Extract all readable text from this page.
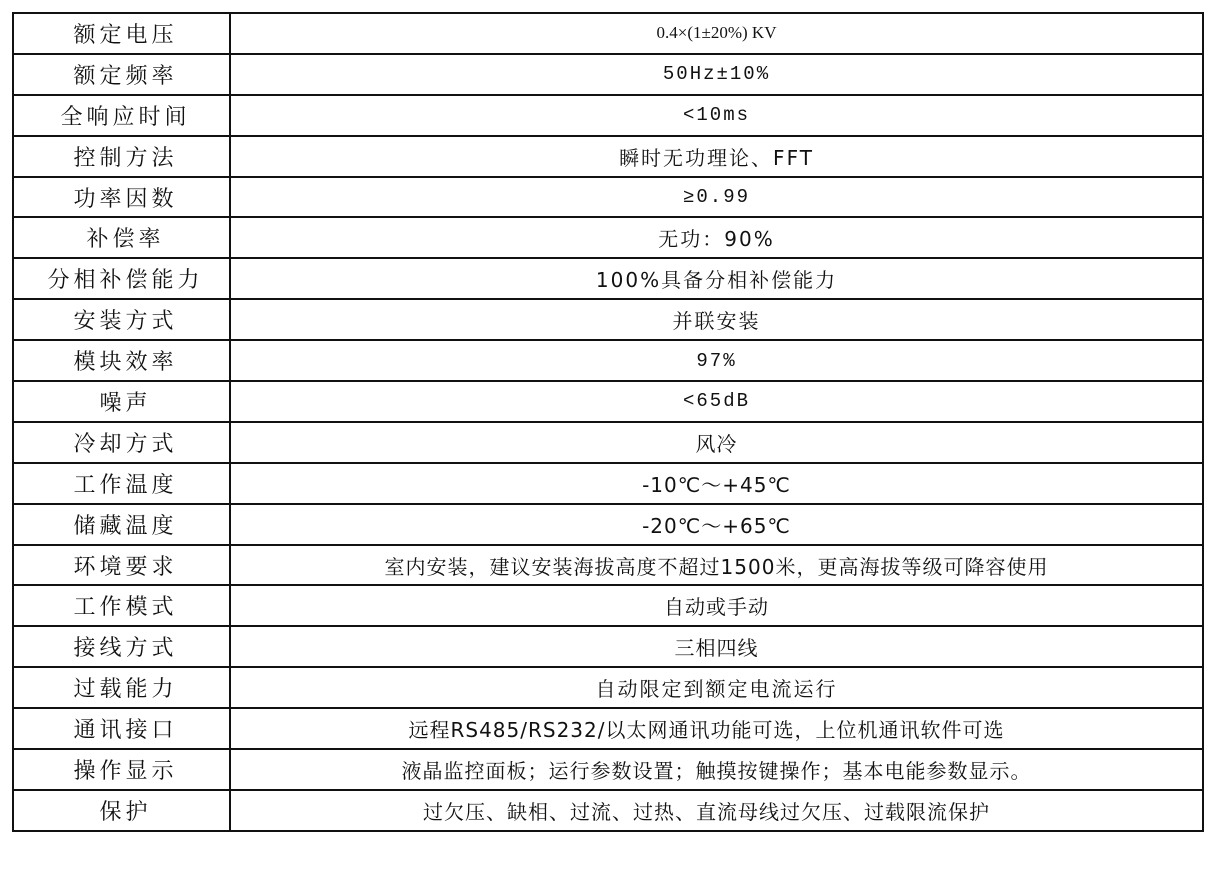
额定电压	0.4×(1±20%) KV
额定频率	50Hz±10%
全响应时间	<10ms
控制方法	瞬时无功理论、FFT
功率因数	≥0.99
补偿率	无功：90%
分相补偿能力	100%具备分相补偿能力
安装方式	并联安装
模块效率	97%
噪声	<65dB
冷却方式	风冷
工作温度	-10℃～+45℃
储藏温度	-20℃～+65℃
环境要求	室内安装，建议安装海拔高度不超过1500米，更高海拔等级可降容使用
工作模式	自动或手动
接线方式	三相四线
过载能力	自动限定到额定电流运行
通讯接口	远程RS485/RS232/以太网通讯功能可选，上位机通讯软件可选
操作显示	液晶监控面板；运行参数设置；触摸按键操作；基本电能参数显示。
保护	过欠压、缺相、过流、过热、直流母线过欠压、过载限流保护
